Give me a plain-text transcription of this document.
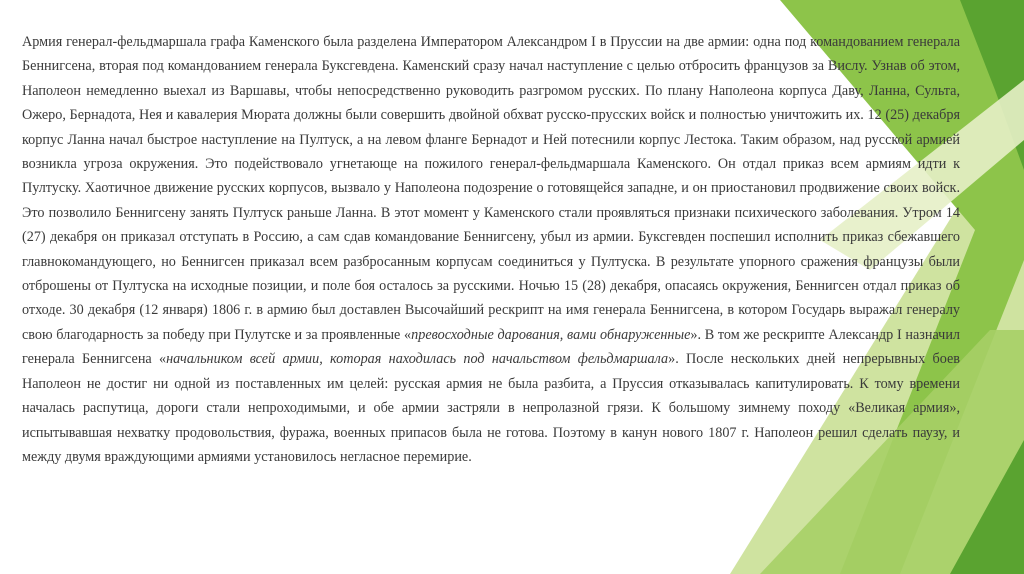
Армия генерал-фельдмаршала графа Каменского была разделена Императором Александром I в Пруссии на две армии: одна под командованием генерала Беннигсена, вторая под командованием генерала Буксгевдена. Каменский сразу начал наступление с целью отбросить французов за Вислу. Узнав об этом, Наполеон немедленно выехал из Варшавы, чтобы непосредственно руководить разгромом русских. По плану Наполеона корпуса Даву, Ланна, Сульта, Ожеро, Бернадота, Нея и кавалерия Мюрата должны были совершить двойной обхват русско-прусских войск и полностью уничтожить их. 12 (25) декабря корпус Ланна начал быстрое наступление на Пултуск, а на левом фланге Бернадот и Ней потеснили корпус Лестока. Таким образом, над русской армией возникла угроза окружения. Это подействовало угнетающе на пожилого генерал-фельдмаршала Каменского. Он отдал приказ всем армиям идти к Пултуску. Хаотичное движение русских корпусов, вызвало у Наполеона подозрение о готовящейся западне, и он приостановил продвижение своих войск. Это позволило Беннигсену занять Пултуск раньше Ланна. В этот момент у Каменского стали проявляться признаки психического заболевания. Утром 14 (27) декабря он приказал отступать в Россию, а сам сдав командование Беннигсену, убыл из армии. Буксгевден поспешил исполнить приказ сбежавшего главнокомандующего, но Беннигсен приказал всем разбросанным корпусам соединиться у Пултуска. В результате упорного сражения французы были отброшены от Пултуска на исходные позиции, и поле боя осталось за русскими. Ночью 15 (28) декабря, опасаясь окружения, Беннигсен отдал приказ об отходе. 30 декабря (12 января) 1806 г. в армию был доставлен Высочайший рескрипт на имя генерала Беннигсена, в котором Государь выражал генералу свою благодарность за победу при Пулутске и за проявленные «превосходные дарования, вами обнаруженные». В том же рескрипте Александр I назначил генерала Беннигсена «начальником всей армии, которая находилась под начальством фельдмаршала». После нескольких дней непрерывных боев Наполеон не достиг ни одной из поставленных им целей: русская армия не была разбита, а Пруссия отказывалась капитулировать. К тому времени началась распутица, дороги стали непроходимыми, и обе армии застряли в непролазной грязи. К большому зимнему походу «Великая армия», испытывавшая нехватку продовольствия, фуража, военных припасов была не готова. Поэтому в канун нового 1807 г. Наполеон решил сделать паузу, и между двумя враждующими армиями установилось негласное перемирие.
